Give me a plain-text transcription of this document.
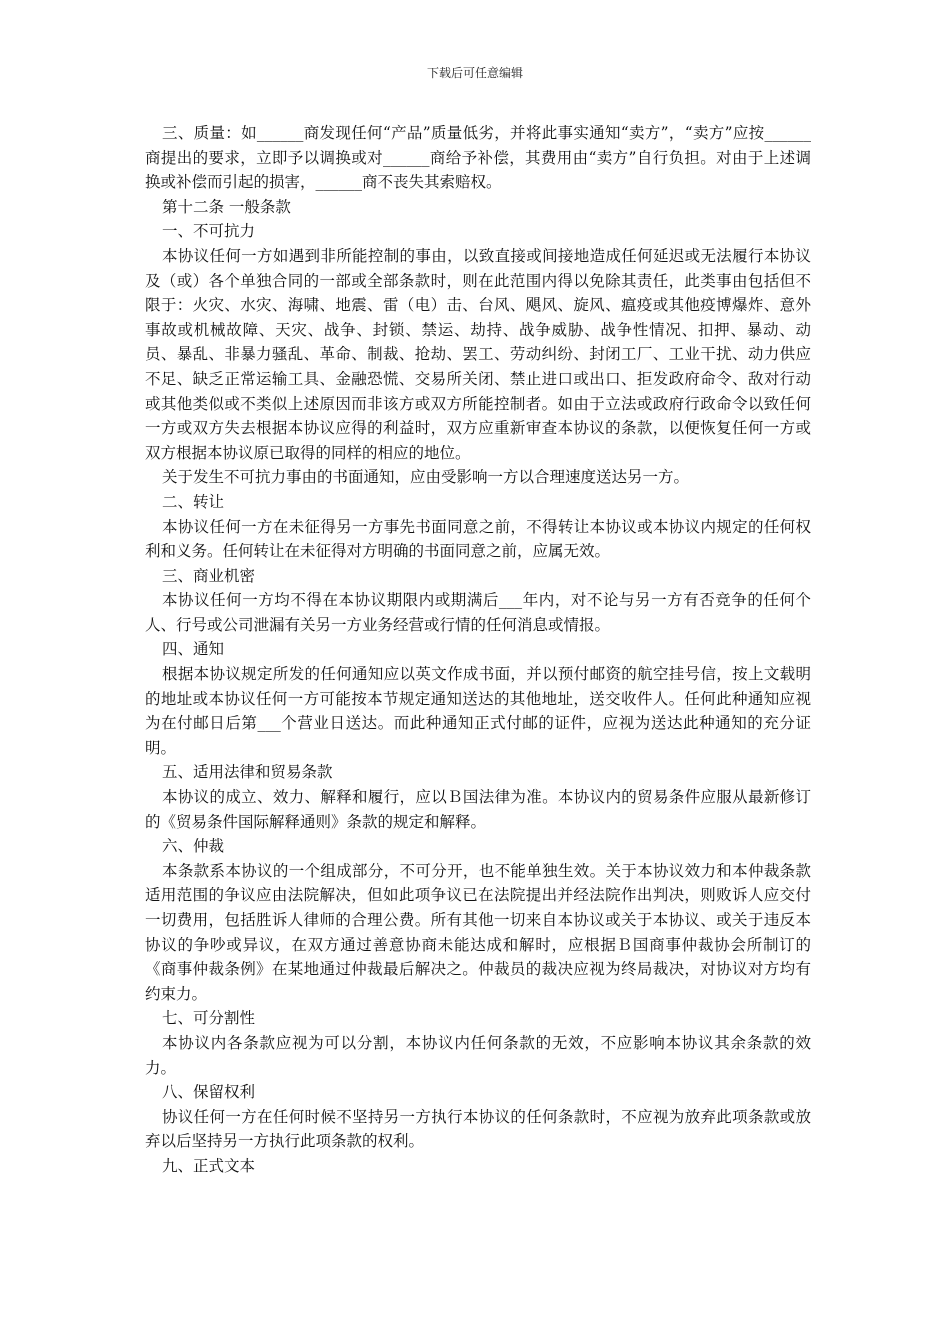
下载后可任意编辑

三、质量：如______商发现任何“产品”质量低劣，并将此事实通知“卖方”，“卖方”应按______商提出的要求，立即予以调换或对______商给予补偿，其费用由“卖方”自行负担。对由于上述调换或补偿而引起的损害，______商不丧失其索赔权。

第十二条 一般条款

一、不可抗力

本协议任何一方如遇到非所能控制的事由，以致直接或间接地造成任何延迟或无法履行本协议及（或）各个单独合同的一部或全部条款时，则在此范围内得以免除其责任，此类事由包括但不限于：火灾、水灾、海啸、地震、雷（电）击、台风、飓风、旋风、瘟疫或其他疫博爆炸、意外事故或机械故障、天灾、战争、封锁、禁运、劫持、战争威胁、战争性情况、扣押、暴动、动员、暴乱、非暴力骚乱、革命、制裁、抢劫、罢工、劳动纠纷、封闭工厂、工业干扰、动力供应不足、缺乏正常运输工具、金融恐慌、交易所关闭、禁止进口或出口、拒发政府命令、敌对行动或其他类似或不类似上述原因而非该方或双方所能控制者。如由于立法或政府行政命令以致任何一方或双方失去根据本协议应得的利益时，双方应重新审查本协议的条款，以便恢复任何一方或双方根据本协议原已取得的同样的相应的地位。

关于发生不可抗力事由的书面通知，应由受影响一方以合理速度送达另一方。

二、转让

本协议任何一方在未征得另一方事先书面同意之前，不得转让本协议或本协议内规定的任何权利和义务。任何转让在未征得对方明确的书面同意之前，应属无效。

三、商业机密

本协议任何一方均不得在本协议期限内或期满后___年内，对不论与另一方有否竞争的任何个人、行号或公司泄漏有关另一方业务经营或行情的任何消息或情报。

四、通知

根据本协议规定所发的任何通知应以英文作成书面，并以预付邮资的航空挂号信，按上文载明的地址或本协议任何一方可能按本节规定通知送达的其他地址，送交收件人。任何此种通知应视为在付邮日后第___个营业日送达。而此种通知正式付邮的证件，应视为送达此种通知的充分证明。

五、适用法律和贸易条款

本协议的成立、效力、解释和履行，应以Ｂ国法律为准。本协议内的贸易条件应服从最新修订的《贸易条件国际解释通则》条款的规定和解释。

六、仲裁

本条款系本协议的一个组成部分，不可分开，也不能单独生效。关于本协议效力和本仲裁条款适用范围的争议应由法院解决，但如此项争议已在法院提出并经法院作出判决，则败诉人应交付一切费用，包括胜诉人律师的合理公费。所有其他一切来自本协议或关于本协议、或关于违反本协议的争吵或异议，在双方通过善意协商未能达成和解时，应根据Ｂ国商事仲裁协会所制订的《商事仲裁条例》在某地通过仲裁最后解决之。仲裁员的裁决应视为终局裁决，对协议对方均有约束力。

七、可分割性

本协议内各条款应视为可以分割，本协议内任何条款的无效，不应影响本协议其余条款的效力。

八、保留权利

协议任何一方在任何时候不坚持另一方执行本协议的任何条款时，不应视为放弃此项条款或放弃以后坚持另一方执行此项条款的权利。

九、正式文本
